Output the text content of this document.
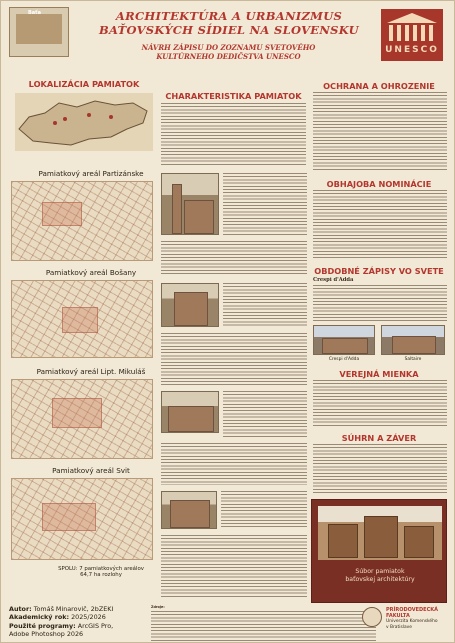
Baťa	ARCHITEKTÚRA A URBANIZMUS
BAŤOVSKÝCH SÍDIEL NA SLOVENSKU
NÁVRH ZÁPISU DO ZOZNAMU SVETOVÉHO
KULTÚRNEHO DEDIČSTVA UNESCO
UNESCO
LOKALIZÁCIA PAMIATOK
Pamiatkový areál Partizánske
Pamiatkový areál Bošany
Pamiatkový areál Lipt. Mikuláš
Pamiatkový areál Svit
SPOLU: 7 pamiatkových areálov
64,7 ha rozlohy
CHARAKTERISTIKA PAMIATOK
OCHRANA A OHROZENIE
OBHAJOBA NOMINÁCIE
OBDOBNÉ ZÁPISY VO SVETE
Crespi d'Adda
Crespi d'Adda	Saltaire
VEREJNÁ MIENKA
SÚHRN A ZÁVER
Súbor pamiatok
baťovskej architektúry
Autor: Tomáš Minarovič, 2bZEKI
Akademický rok: 2025/2026
Použité programy: ArcGIS Pro,
Adobe Photoshop 2026
Zdroje:	PRÍRODOVEDECKÁ
FAKULTA
Univerzita Komenského
v Bratislave
